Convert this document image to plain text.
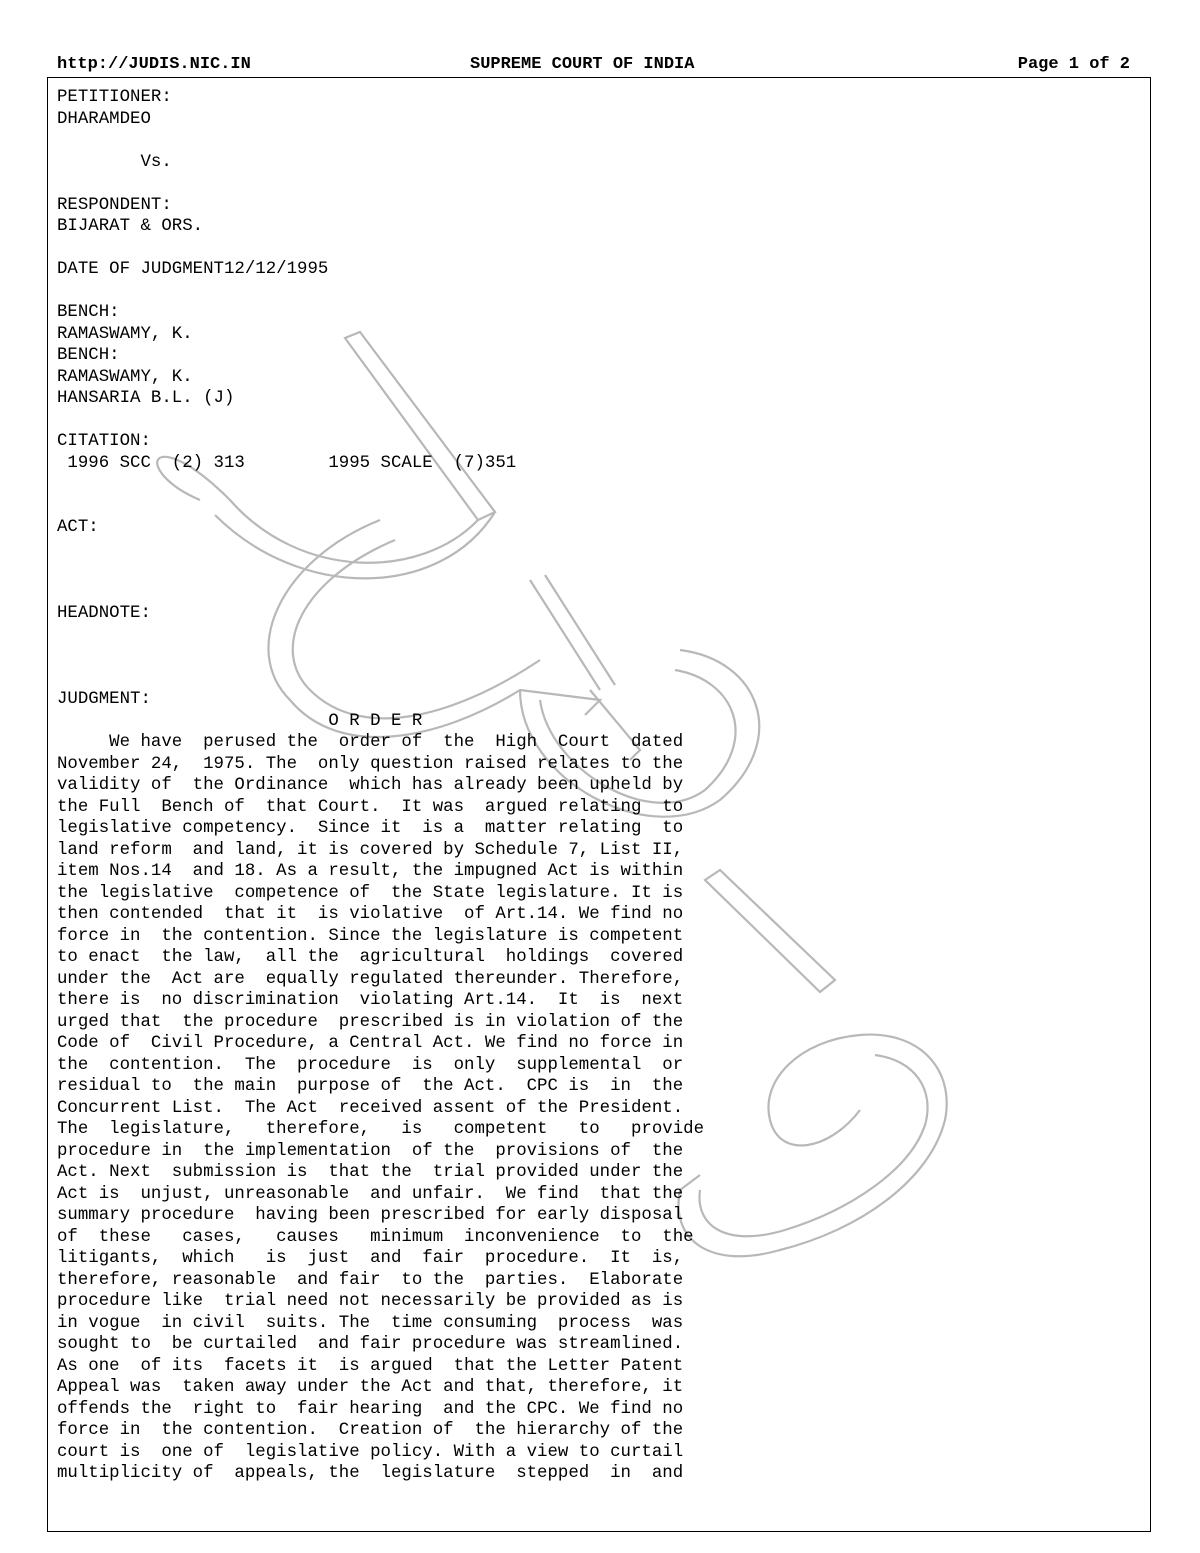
http://JUDIS.NIC.IN	SUPREME COURT OF INDIA	Page 1 of 2
PETITIONER:
DHARAMDEO

Vs.

RESPONDENT:
BIJARAT & ORS.

DATE OF JUDGMENT12/12/1995

BENCH:
RAMASWAMY, K.
BENCH:
RAMASWAMY, K.
HANSARIA B.L. (J)

CITATION:
1996 SCC  (2) 313        1995 SCALE  (7)351

ACT:

HEADNOTE:

JUDGMENT:
O R D E R
We have  perused the  order of  the  High  Court  dated
November 24,  1975. The  only question raised relates to the
validity of  the Ordinance  which has already been upheld by
the Full  Bench of  that Court.  It was  argued relating  to
legislative competency.  Since it  is a  matter relating  to
land reform  and land, it is covered by Schedule 7, List II,
item Nos.14  and 18. As a result, the impugned Act is within
the legislative  competence of  the State legislature. It is
then contended  that it  is violative  of Art.14. We find no
force in  the contention. Since the legislature is competent
to enact  the law,  all the  agricultural  holdings  covered
under the  Act are  equally regulated thereunder. Therefore,
there is  no discrimination  violating Art.14.  It  is  next
urged that  the procedure  prescribed is in violation of the
Code of  Civil Procedure, a Central Act. We find no force in
the  contention.  The  procedure  is  only  supplemental  or
residual to  the main  purpose of  the Act.  CPC is  in  the
Concurrent List.  The Act  received assent of the President.
The  legislature,   therefore,   is   competent   to   provide
procedure in  the implementation  of the  provisions of  the
Act. Next  submission is  that the  trial provided under the
Act is  unjust, unreasonable  and unfair.  We find  that the
summary procedure  having been prescribed for early disposal
of  these   cases,   causes   minimum  inconvenience  to  the
litigants,  which   is  just  and  fair  procedure.  It  is,
therefore, reasonable  and fair  to the  parties.  Elaborate
procedure like  trial need not necessarily be provided as is
in vogue  in civil  suits. The  time consuming  process  was
sought to  be curtailed  and fair procedure was streamlined.
As one  of its  facets it  is argued  that the Letter Patent
Appeal was  taken away under the Act and that, therefore, it
offends the  right to  fair hearing  and the CPC. We find no
force in  the contention.  Creation of  the hierarchy of the
court is  one of  legislative policy. With a view to curtail
multiplicity of  appeals, the  legislature  stepped  in  and
